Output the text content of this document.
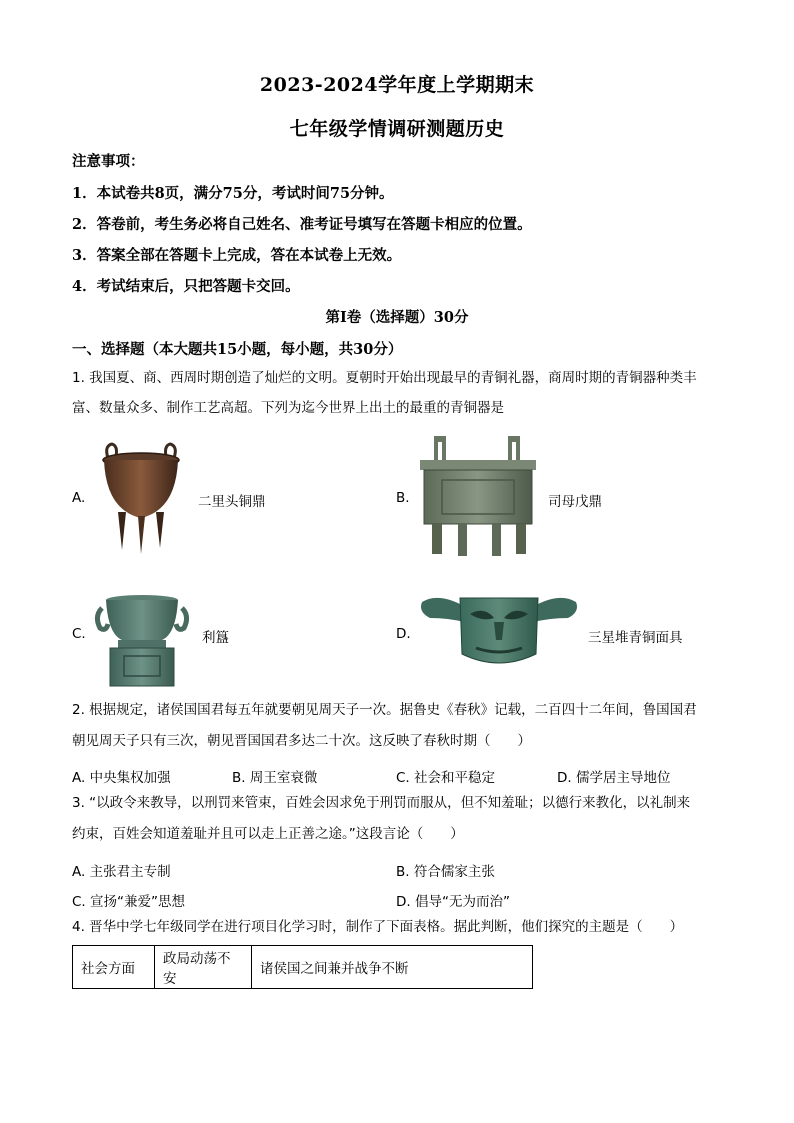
2023-2024学年度上学期期末
七年级学情调研测题历史
注意事项：
1．本试卷共8页，满分75分，考试时间75分钟。
2．答卷前，考生务必将自己姓名、准考证号填写在答题卡相应的位置。
3．答案全部在答题卡上完成，答在本试卷上无效。
4．考试结束后，只把答题卡交回。
第Ⅰ卷（选择题）30分
一、选择题（本大题共15小题，每小题，共30分）
1. 我国夏、商、西周时期创造了灿烂的文明。夏朝时开始出现最早的青铜礼器，商周时期的青铜器种类丰
富、数量众多、制作工艺高超。下列为迄今世界上出土的最重的青铜器是
A.	二里头铜鼎	B.	司母戊鼎
C.	利簋	D.	三星堆青铜面具
2. 根据规定，诸侯国国君每五年就要朝见周天子一次。据鲁史《春秋》记载，二百四十二年间，鲁国国君
朝见周天子只有三次，朝见晋国国君多达二十次。这反映了春秋时期（　　）
A. 中央集权加强	B. 周王室衰微	C. 社会和平稳定	D. 儒学居主导地位
3. “以政令来教导，以刑罚来管束，百姓会因求免于刑罚而服从，但不知羞耻；以德行来教化，以礼制来
约束，百姓会知道羞耻并且可以走上正善之途。”这段言论（　　）
A. 主张君主专制	B. 符合儒家主张
C. 宣扬“兼爱”思想	D. 倡导“无为而治”
4. 晋华中学七年级同学在进行项目化学习时，制作了下面表格。据此判断，他们探究的主题是（　　）
社会方面	政局动荡不安	诸侯国之间兼并战争不断
